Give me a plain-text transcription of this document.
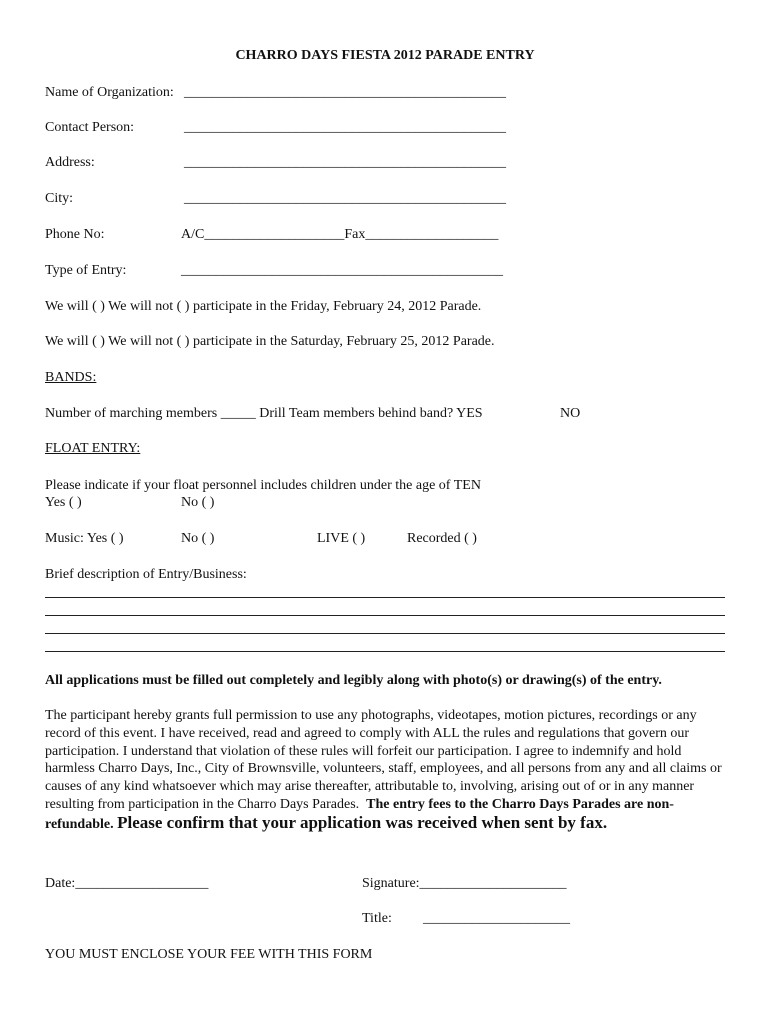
CHARRO DAYS FIESTA 2012 PARADE ENTRY
Name of Organization: ______________________________________________
Contact Person:	______________________________________________
Address:	______________________________________________
City:	______________________________________________
Phone No:	A/C____________________Fax___________________
Type of Entry:	______________________________________________
We will ( ) We will not ( ) participate in the Friday, February 24, 2012 Parade.
We will ( ) We will not ( ) participate in the Saturday, February 25, 2012 Parade.
BANDS:
Number of marching members _____ Drill Team members behind band? YES	NO
FLOAT ENTRY:
Please indicate if your float personnel includes children under the age of TEN
Yes ( )	No ( )
Music: Yes ( )	No ( )	LIVE ( )	Recorded ( )
Brief description of Entry/Business:
All applications must be filled out completely and legibly along with photo(s) or drawing(s) of the entry.
The participant hereby grants full permission to use any photographs, videotapes, motion pictures, recordings or any record of this event. I have received, read and agreed to comply with ALL the rules and regulations that govern our participation. I understand that violation of these rules will forfeit our participation. I agree to indemnify and hold harmless Charro Days, Inc., City of Brownsville, volunteers, staff, employees, and all persons from any and all claims or causes of any kind whatsoever which may arise thereafter, attributable to, involving, arising out of or in any manner resulting from participation in the Charro Days Parades. The entry fees to the Charro Days Parades are non-refundable. Please confirm that your application was received when sent by fax.
Date:___________________	Signature:_____________________
Title: _____________________
YOU MUST ENCLOSE YOUR FEE WITH THIS FORM
